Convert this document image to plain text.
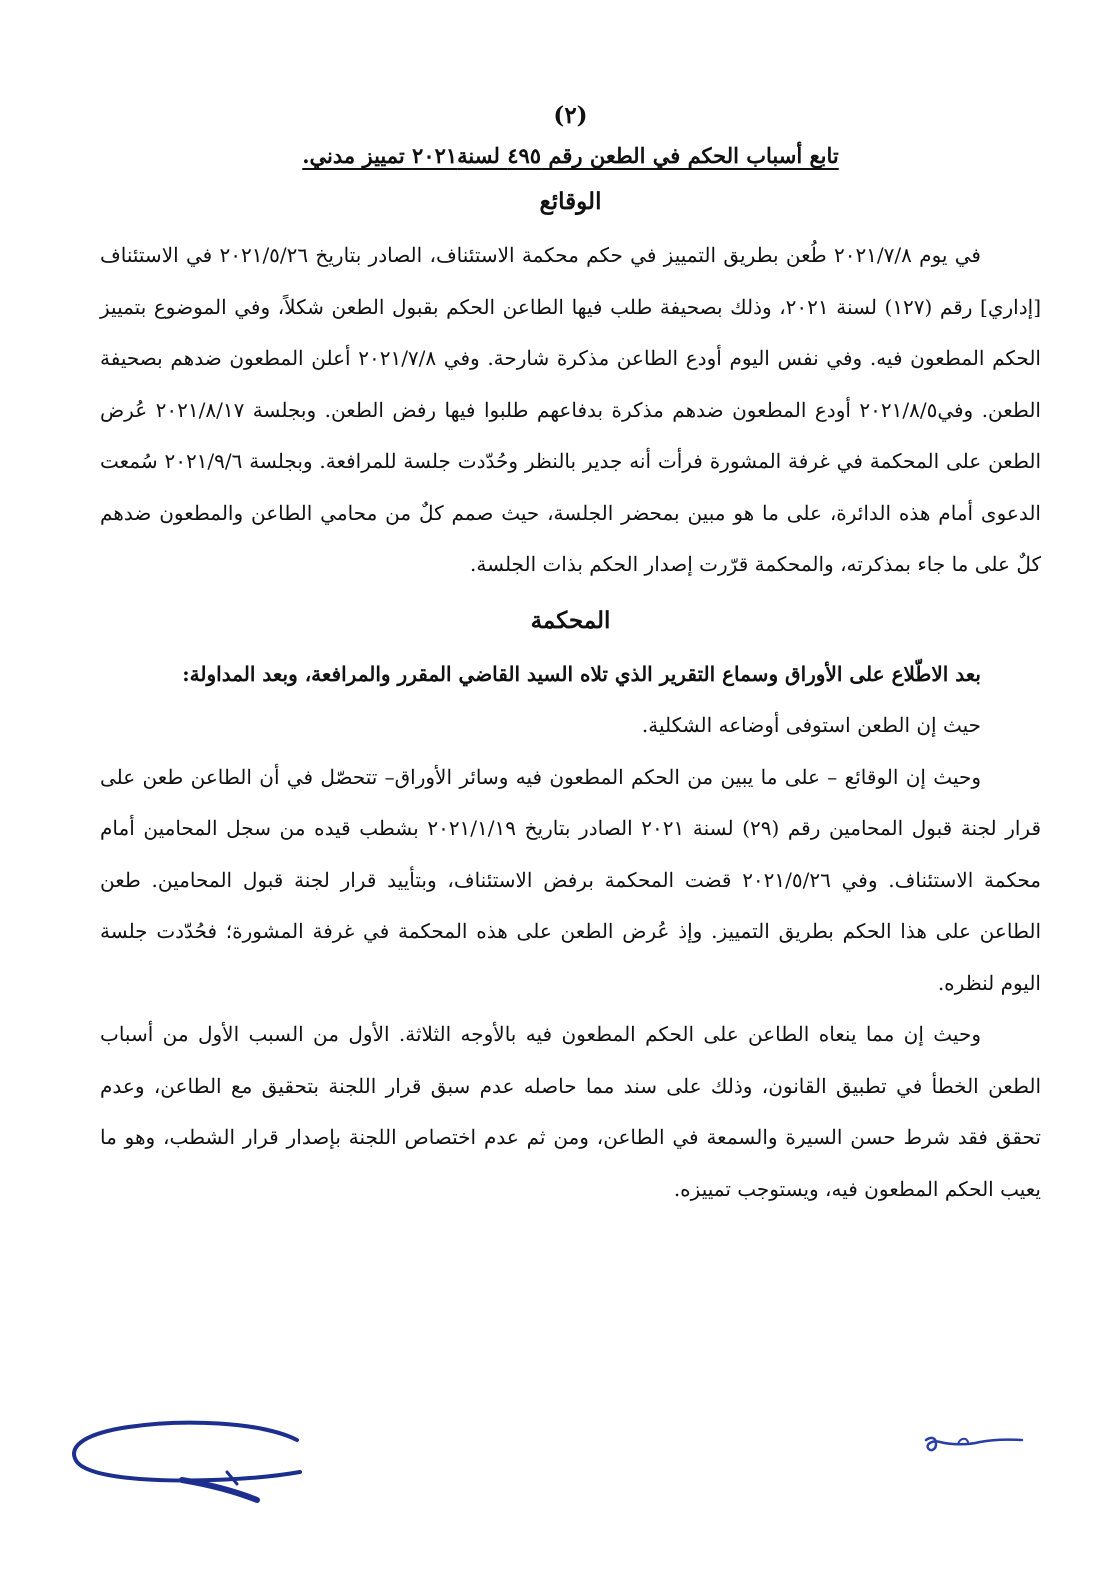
(٢)
تابع أسباب الحكم في الطعن رقم ٤٩٥ لسنة٢٠٢١ تمييز مدني.
الوقائع

في يوم ٢٠٢١/٧/٨ طُعن بطريق التمييز في حكم محكمة الاستئناف، الصادر بتاريخ ٢٠٢١/٥/٢٦ في الاستئناف [إداري] رقم (١٢٧) لسنة ٢٠٢١، وذلك بصحيفة طلب فيها الطاعن الحكم بقبول الطعن شكلاً، وفي الموضوع بتمييز الحكم المطعون فيه. وفي نفس اليوم أودع الطاعن مذكرة شارحة. وفي ٢٠٢١/٧/٨ أعلن المطعون ضدهم بصحيفة الطعن. وفي٢٠٢١/٨/٥ أودع المطعون ضدهم مذكرة بدفاعهم طلبوا فيها رفض الطعن. وبجلسة ٢٠٢١/٨/١٧ عُرض الطعن على المحكمة في غرفة المشورة فرأت أنه جدير بالنظر وحُدّدت جلسة للمرافعة. وبجلسة ٢٠٢١/٩/٦ سُمعت الدعوى أمام هذه الدائرة، على ما هو مبين بمحضر الجلسة، حيث صمم كلٌ من محامي الطاعن والمطعون ضدهم كلٌ على ما جاء بمذكرته، والمحكمة قرّرت إصدار الحكم بذات الجلسة.

المحكمة

بعد الاطّلاع على الأوراق وسماع التقرير الذي تلاه السيد القاضي المقرر والمرافعة، وبعد المداولة:

حيث إن الطعن استوفى أوضاعه الشكلية.

وحيث إن الوقائع – على ما يبين من الحكم المطعون فيه وسائر الأوراق– تتحصّل في أن الطاعن طعن على قرار لجنة قبول المحامين رقم (٢٩) لسنة ٢٠٢١ الصادر بتاريخ ٢٠٢١/١/١٩ بشطب قيده من سجل المحامين أمام محكمة الاستئناف. وفي ٢٠٢١/٥/٢٦ قضت المحكمة برفض الاستئناف، وبتأييد قرار لجنة قبول المحامين. طعن الطاعن على هذا الحكم بطريق التمييز. وإذ عُرض الطعن على هذه المحكمة في غرفة المشورة؛ فحُدّدت جلسة اليوم لنظره.

وحيث إن مما ينعاه الطاعن على الحكم المطعون فيه بالأوجه الثلاثة. الأول من السبب الأول من أسباب الطعن الخطأ في تطبيق القانون، وذلك على سند مما حاصله عدم سبق قرار اللجنة بتحقيق مع الطاعن، وعدم تحقق فقد شرط حسن السيرة والسمعة في الطاعن، ومن ثم عدم اختصاص اللجنة بإصدار قرار الشطب، وهو ما يعيب الحكم المطعون فيه، ويستوجب تمييزه.
